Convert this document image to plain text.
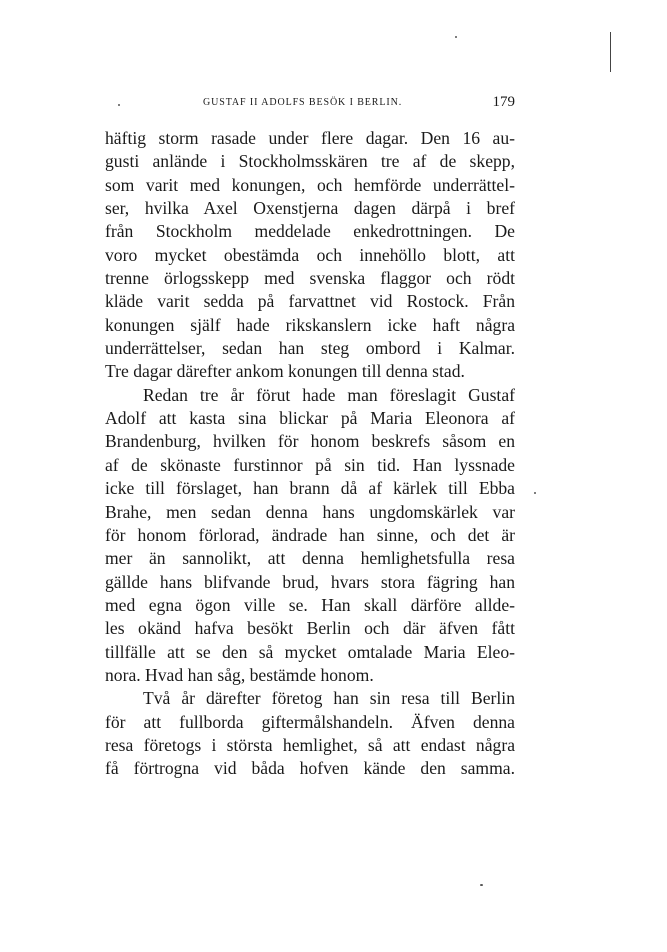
GUSTAF II ADOLFS BESÖK I BERLIN.	179
häftig storm rasade under flere dagar. Den 16 au-
gusti anlände i Stockholmsskären tre af de skepp,
som varit med konungen, och hemförde underrättel-
ser, hvilka Axel Oxenstjerna dagen därpå i bref
från Stockholm meddelade enkedrottningen. De
voro mycket obestämda och innehöllo blott, att
trenne örlogsskepp med svenska flaggor och rödt
kläde varit sedda på farvattnet vid Rostock. Från
konungen själf hade rikskanslern icke haft några
underrättelser, sedan han steg ombord i Kalmar.
Tre dagar därefter ankom konungen till denna stad.
Redan tre år förut hade man föreslagit Gustaf
Adolf att kasta sina blickar på Maria Eleonora af
Brandenburg, hvilken för honom beskrefs såsom en
af de skönaste furstinnor på sin tid. Han lyssnade
icke till förslaget, han brann då af kärlek till Ebba
Brahe, men sedan denna hans ungdomskärlek var
för honom förlorad, ändrade han sinne, och det är
mer än sannolikt, att denna hemlighetsfulla resa
gällde hans blifvande brud, hvars stora fägring han
med egna ögon ville se. Han skall därföre allde-
les okänd hafva besökt Berlin och där äfven fått
tillfälle att se den så mycket omtalade Maria Eleo-
nora. Hvad han såg, bestämde honom.
Två år därefter företog han sin resa till Berlin
för att fullborda giftermålshandeln. Äfven denna
resa företogs i största hemlighet, så att endast några
få förtrogna vid båda hofven kände den samma.
